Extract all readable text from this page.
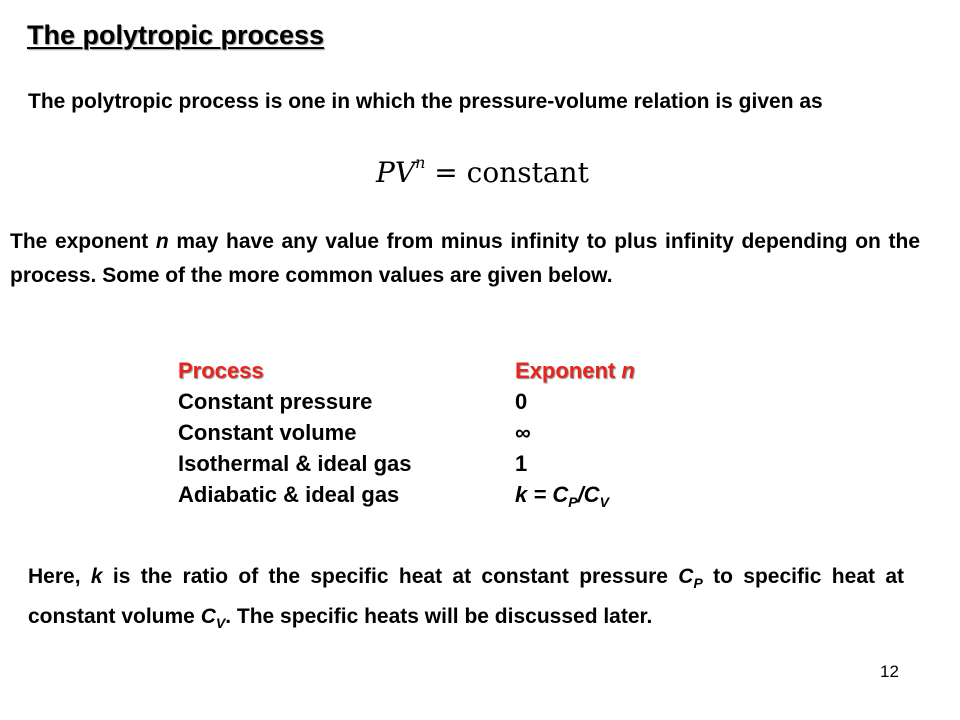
The polytropic process
The polytropic process is one in which the pressure-volume relation is given as
$PV^n$ = constant
The exponent n may have any value from minus infinity to plus infinity depending on the process. Some of the more common values are given below.
Process	Exponent n
Constant pressure	0
Constant volume	∞
Isothermal & ideal gas	1
Adiabatic & ideal gas	$k = C_P/C_V$
Here, k is the ratio of the specific heat at constant pressure $C_P$ to specific heat at constant volume $C_V$. The specific heats will be discussed later.
12
